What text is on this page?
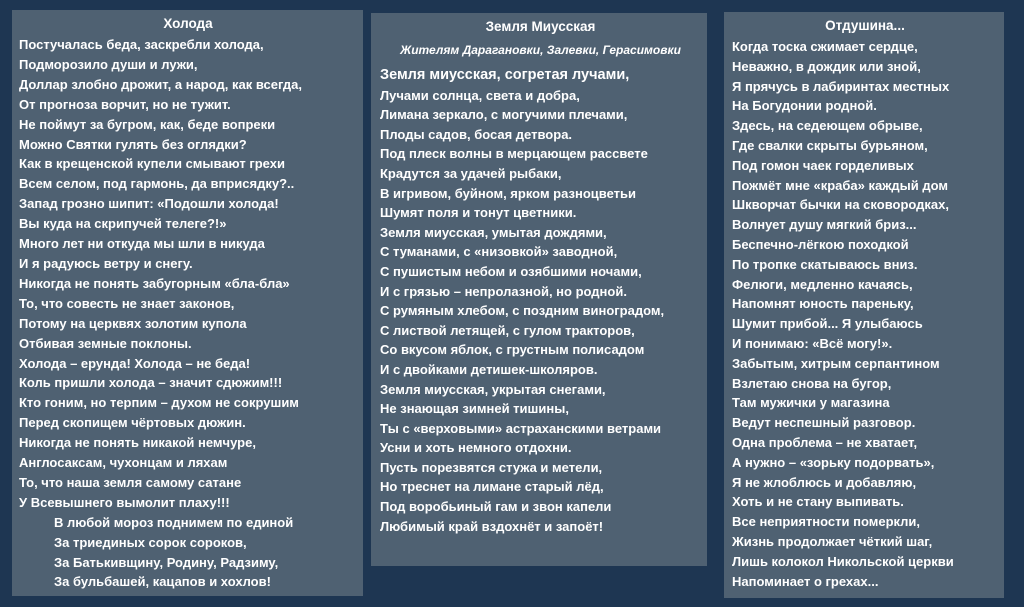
Холода
Постучалась беда, заскребли холода,
Подморозило души и лужи,
Доллар злобно дрожит, а народ, как всегда,
От прогноза ворчит, но не тужит.
Не поймут за бугром, как, беде вопреки
Можно Святки гулять без оглядки?
Как в крещенской купели смывают грехи
Всем селом, под гармонь, да вприсядку?..
Запад грозно шипит: «Подошли холода!
Вы куда на скрипучей телеге?!»
Много лет ни откуда мы шли в никуда
И я радуюсь ветру и снегу.
Никогда не понять забугорным «бла-бла»
То, что совесть не знает законов,
Потому на церквях золотим купола
Отбивая земные поклоны.
Холода – ерунда! Холода – не беда!
Коль пришли холода – значит сдюжим!!!
Кто гоним, но терпим – духом не сокрушим
Перед скопищем чёртовых дюжин.
Никогда не понять никакой немчуре,
Англосаксам, чухонцам и ляхам
То, что наша земля самому сатане
У Всевышнего вымолит плаху!!!
В любой мороз поднимем по единой
За триединых сорок сороков,
За Батькивщину, Родину, Радзиму,
За бульбашей, кацапов и хохлов!
Земля Миусская
Жителям Дарагановки, Залевки, Герасимовки
Земля миусская, согретая лучами,
Лучами солнца, света и добра,
Лимана зеркало, с могучими плечами,
Плоды садов, босая детвора.
Под плеск волны в мерцающем рассвете
Крадутся за удачей рыбаки,
В игривом, буйном, ярком разноцветьи
Шумят поля и тонут цветники.
Земля миусская, умытая дождями,
С туманами, с «низовкой» заводной,
С пушистым небом и озябшими ночами,
И с грязью – непролазной, но родной.
С румяным хлебом, с поздним виноградом,
С листвой летящей, с гулом тракторов,
Со вкусом яблок, с грустным полисадом
И с двойками детишек-школяров.
Земля миусская, укрытая снегами,
Не знающая зимней тишины,
Ты с «верховыми» астраханскими ветрами
Усни и хоть немного отдохни.
Пусть порезвятся стужа и метели,
Но треснет на лимане старый лёд,
Под воробьиный гам и звон капели
Любимый край вздохнёт и запоёт!
Отдушина...
Когда тоска сжимает сердце,
Неважно, в дождик или зной,
Я прячусь в лабиринтах местных
На Богудонии родной.
Здесь, на седеющем обрыве,
Где свалки скрыты бурьяном,
Под гомон чаек горделивых
Пожмёт мне «краба» каждый дом
Шкворчат бычки на сковородках,
Волнует душу мягкий бриз...
Беспечно-лёгкою походкой
По тропке скатываюсь вниз.
Фелюги, медленно качаясь,
Напомнят юность пареньку,
Шумит прибой... Я улыбаюсь
И понимаю: «Всё могу!».
Забытым, хитрым серпантином
Взлетаю снова на бугор,
Там мужички у магазина
Ведут неспешный разговор.
Одна проблема – не хватает,
А нужно – «зорьку подорвать»,
Я не жлоблюсь и добавляю,
Хоть и не стану выпивать.
Все неприятности померкли,
Жизнь продолжает чёткий шаг,
Лишь колокол Никольской церкви
Напоминает о грехах...
